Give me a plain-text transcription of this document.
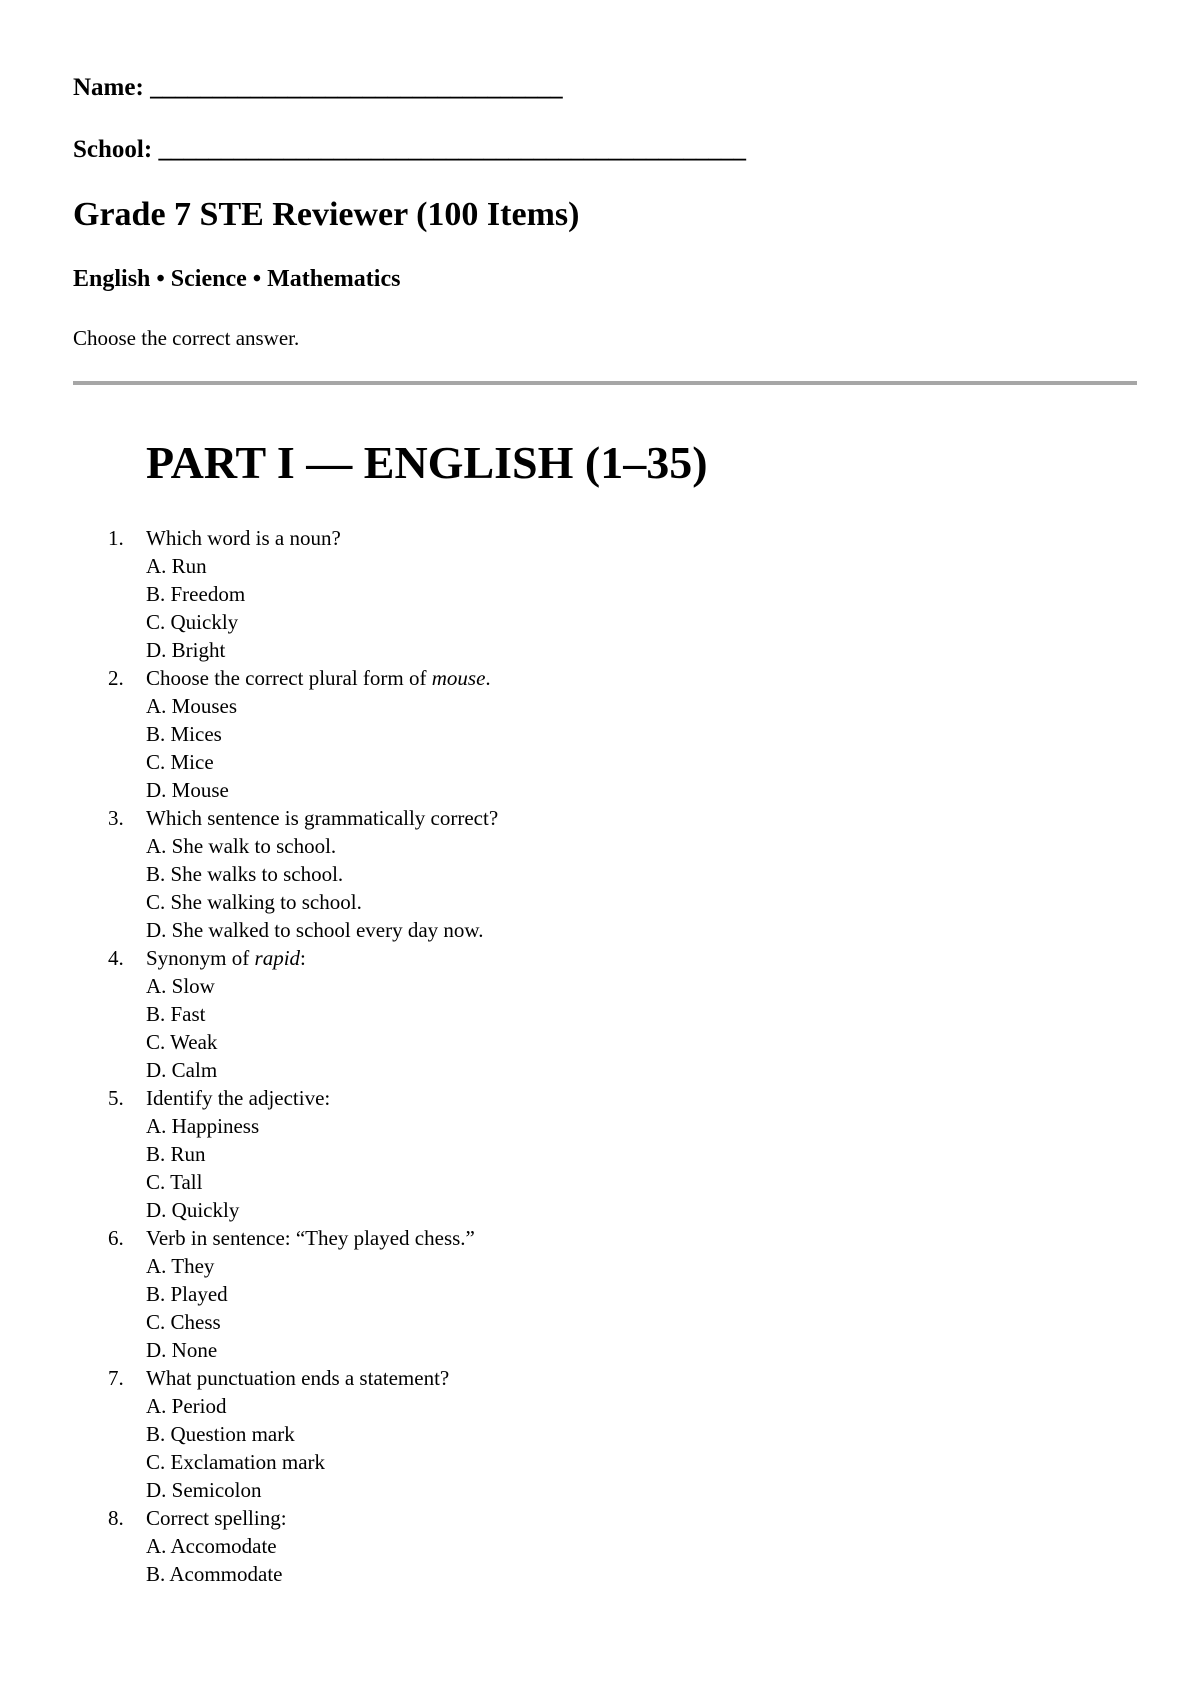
Name: _________________________________
School: _______________________________________________
Grade 7 STE Reviewer (100 Items)
English • Science • Mathematics
Choose the correct answer.
PART I — ENGLISH (1–35)
1.	Which word is a noun?
A. Run
B. Freedom
C. Quickly
D. Bright
2.	Choose the correct plural form of mouse.
A. Mouses
B. Mices
C. Mice
D. Mouse
3.	Which sentence is grammatically correct?
A. She walk to school.
B. She walks to school.
C. She walking to school.
D. She walked to school every day now.
4.	Synonym of rapid:
A. Slow
B. Fast
C. Weak
D. Calm
5.	Identify the adjective:
A. Happiness
B. Run
C. Tall
D. Quickly
6.	Verb in sentence: “They played chess.”
A. They
B. Played
C. Chess
D. None
7.	What punctuation ends a statement?
A. Period
B. Question mark
C. Exclamation mark
D. Semicolon
8.	Correct spelling:
A. Accomodate
B. Acommodate
